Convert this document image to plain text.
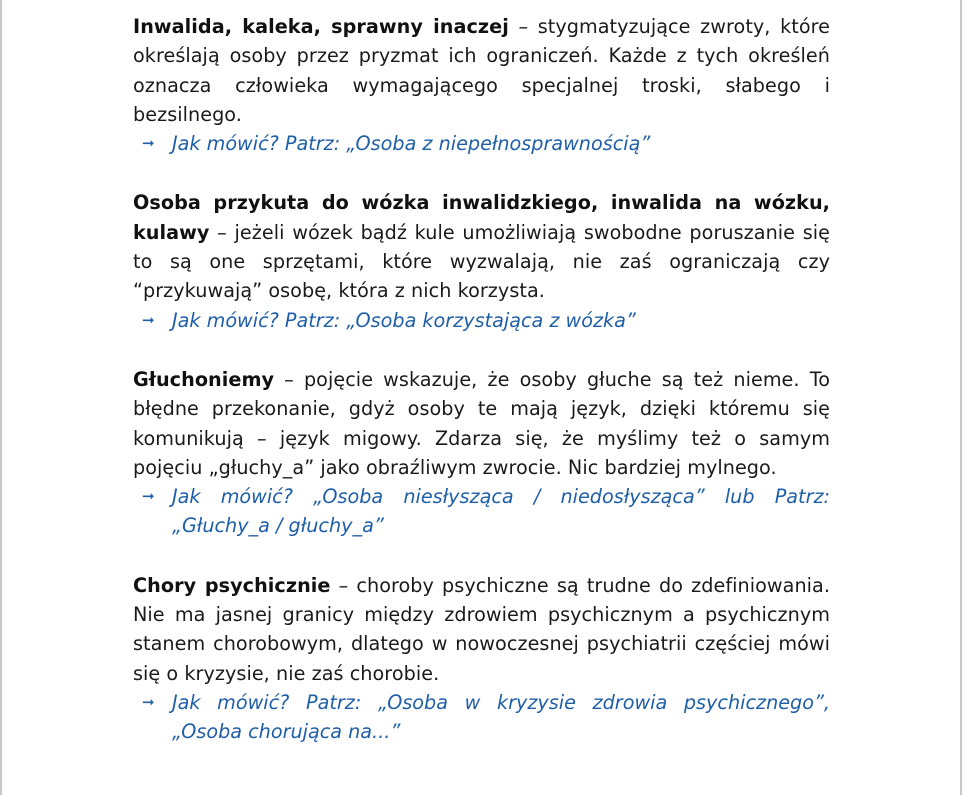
Inwalida, kaleka, sprawny inaczej – stygmatyzujące zwroty, które określają osoby przez pryzmat ich ograniczeń. Każde z tych określeń oznacza człowieka wymagającego specjalnej troski, słabego i bezsilnego.

➞ Jak mówić? Patrz: „Osoba z niepełnosprawnością”

Osoba przykuta do wózka inwalidzkiego, inwalida na wózku, kulawy – jeżeli wózek bądź kule umożliwiają swobodne poruszanie się to są one sprzętami, które wyzwalają, nie zaś ograniczają czy “przykuwają” osobę, która z nich korzysta.

➞ Jak mówić? Patrz: „Osoba korzystająca z wózka”

Głuchoniemy – pojęcie wskazuje, że osoby głuche są też nieme. To błędne przekonanie, gdyż osoby te mają język, dzięki któremu się komunikują – język migowy. Zdarza się, że myślimy też o samym pojęciu „głuchy_a” jako obraźliwym zwrocie. Nic bardziej mylnego.

➞ Jak mówić? „Osoba niesłysząca / niedosłysząca” lub Patrz: „Głuchy_a / głuchy_a”

Chory psychicznie – choroby psychiczne są trudne do zdefiniowania. Nie ma jasnej granicy między zdrowiem psychicznym a psychicznym stanem chorobowym, dlatego w nowoczesnej psychiatrii częściej mówi się o kryzysie, nie zaś chorobie.

➞ Jak mówić? Patrz: „Osoba w kryzysie zdrowia psychicznego”, „Osoba chorująca na...”
